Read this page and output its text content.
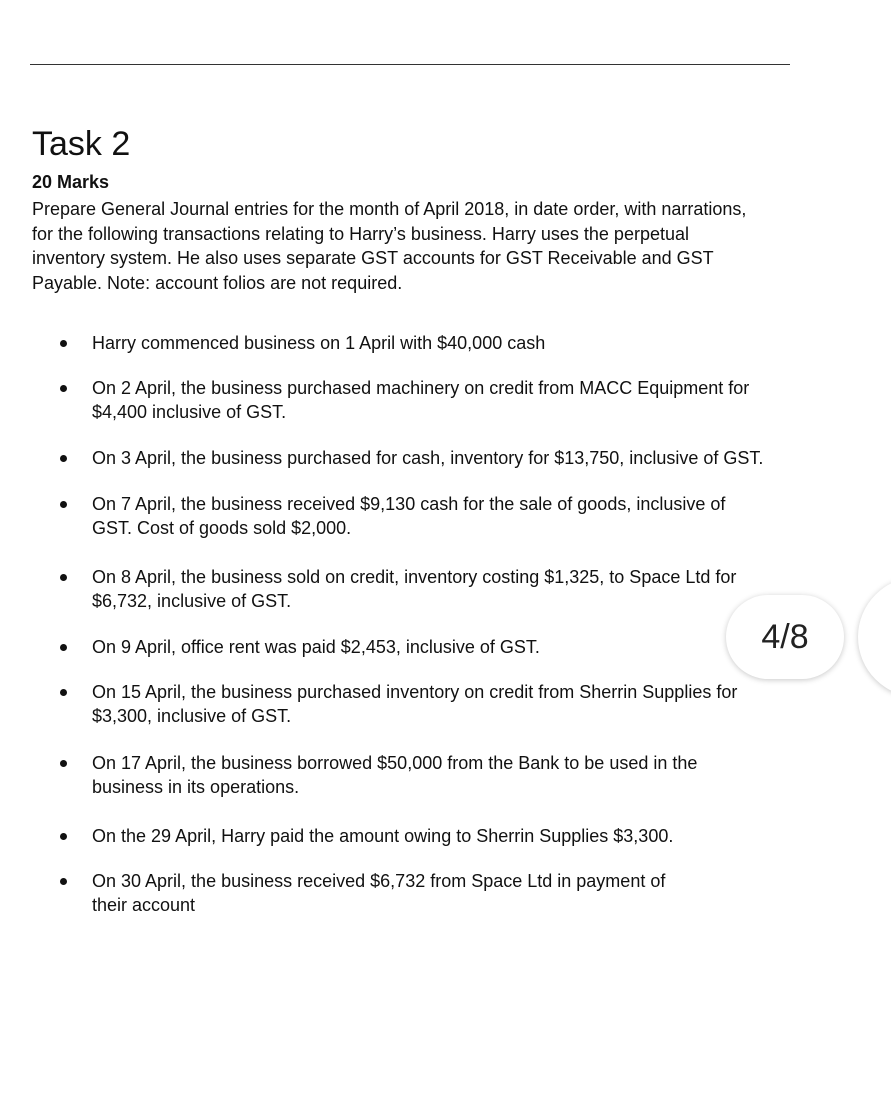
Task 2

20 Marks

Prepare General Journal entries for the month of April 2018, in date order, with narrations,
for the following transactions relating to Harry’s business. Harry uses the perpetual
inventory system. He also uses separate GST accounts for GST Receivable and GST
Payable. Note: account folios are not required.

Harry commenced business on 1 April with $40,000 cash
On 2 April, the business purchased machinery on credit from MACC Equipment for
$4,400 inclusive of GST.
On 3 April, the business purchased for cash, inventory for $13,750, inclusive of GST.
On 7 April, the business received $9,130 cash for the sale of goods, inclusive of
GST. Cost of goods sold $2,000.
On 8 April, the business sold on credit, inventory costing $1,325, to Space Ltd for
$6,732, inclusive of GST.
On 9 April, office rent was paid $2,453, inclusive of GST.
On 15 April, the business purchased inventory on credit from Sherrin Supplies for
$3,300, inclusive of GST.
On 17 April, the business borrowed $50,000 from the Bank to be used in the
business in its operations.
On the 29 April, Harry paid the amount owing to Sherrin Supplies $3,300.
On 30 April, the business received $6,732 from Space Ltd in payment of
their account
4/8
